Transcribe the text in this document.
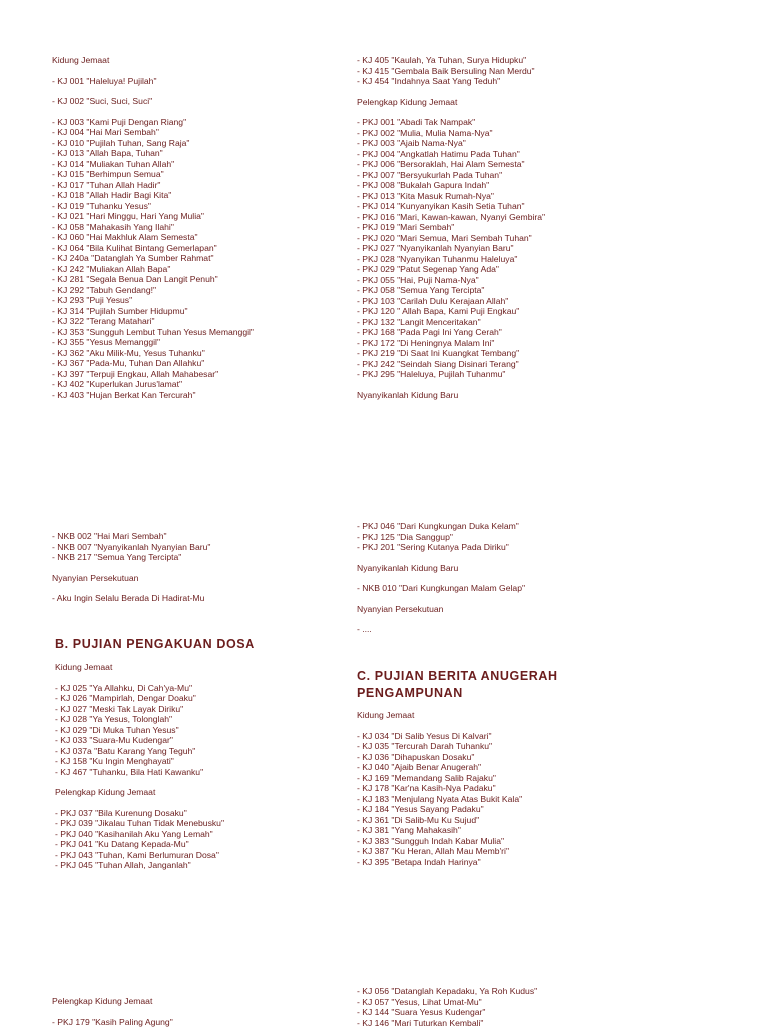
Kidung Jemaat

- KJ 001 "Haleluya! Pujilah"

- KJ 002 "Suci, Suci, Suci"

- KJ 003 "Kami Puji Dengan Riang"

- KJ 004 "Hai Mari Sembah"

- KJ 010 "Pujilah Tuhan, Sang Raja"

- KJ 013 "Allah Bapa, Tuhan"

- KJ 014 "Muliakan Tuhan Allah"

- KJ 015 "Berhimpun Semua"

- KJ 017 "Tuhan Allah Hadir"

- KJ 018 "Allah Hadir Bagi Kita"

- KJ 019 "Tuhanku Yesus"

- KJ 021 "Hari Minggu, Hari Yang Mulia"

- KJ 058 "Mahakasih Yang Ilahi"

- KJ 060 "Hai Makhluk Alam Semesta"

- KJ 064 "Bila Kulihat Bintang Gemerlapan"

- KJ 240a "Datanglah Ya Sumber Rahmat"

- KJ 242 "Muliakan Allah Bapa"

- KJ 281 "Segala Benua Dan Langit Penuh"

- KJ 292 "Tabuh Gendang!"

- KJ 293 "Puji Yesus"

- KJ 314 "Pujilah Sumber Hidupmu"

- KJ 322 "Terang Matahari"

- KJ 353 "Sungguh Lembut Tuhan Yesus Memanggil"

- KJ 355 "Yesus Memanggil"

- KJ 362 "Aku Milik-Mu, Yesus Tuhanku"

- KJ 367 "Pada-Mu, Tuhan Dan Allahku"

- KJ 397 "Terpuji Engkau, Allah Mahabesar"

- KJ 402 "Kuperlukan Jurus'lamat"

- KJ 403 "Hujan Berkat Kan Tercurah"

- KJ 405 "Kaulah, Ya Tuhan, Surya Hidupku"

- KJ 415 "Gembala Baik Bersuling Nan Merdu"

- KJ 454 "Indahnya Saat Yang Teduh"

Pelengkap Kidung Jemaat

- PKJ 001 "Abadi Tak Nampak"

- PKJ 002 "Mulia, Mulia Nama-Nya"

- PKJ 003 "Ajaib Nama-Nya"

- PKJ 004 "Angkatlah Hatimu Pada Tuhan"

- PKJ 006 "Bersoraklah, Hai Alam Semesta"

- PKJ 007 "Bersyukurlah Pada Tuhan"

- PKJ 008 "Bukalah Gapura Indah"

- PKJ 013 "Kita Masuk Rumah-Nya"

- PKJ 014 "Kunyanyikan Kasih Setia Tuhan"

- PKJ 016 "Mari, Kawan-kawan, Nyanyi Gembira"

- PKJ 019 "Mari Sembah"

- PKJ 020 "Mari Semua, Mari Sembah Tuhan"

- PKJ 027 "Nyanyikanlah Nyanyian Baru"

- PKJ 028 "Nyanyikan Tuhanmu Haleluya"

- PKJ 029 "Patut Segenap Yang Ada"

- PKJ 055 "Hai, Puji Nama-Nya"

- PKJ 058 "Semua Yang Tercipta"

- PKJ 103 "Carilah Dulu Kerajaan Allah"

- PKJ 120 " Allah Bapa, Kami Puji Engkau"

- PKJ 132 "Langit Menceritakan"

- PKJ 168 "Pada Pagi Ini Yang Cerah"

- PKJ 172 "Di Heningnya Malam Ini"

- PKJ 219 "Di Saat Ini Kuangkat Tembang"

- PKJ 242 "Seindah Siang Disinari Terang"

- PKJ 295 "Haleluya, Pujilah Tuhanmu"

Nyanyikanlah Kidung Baru

- NKB 002 "Hai Mari Sembah"

- NKB 007 "Nyanyikanlah Nyanyian Baru"

- NKB 217 "Semua Yang Tercipta"

Nyanyian Persekutuan

- Aku Ingin Selalu Berada Di Hadirat-Mu

B. PUJIAN PENGAKUAN DOSA

Kidung Jemaat

- KJ 025 "Ya Allahku, Di Cah'ya-Mu"

- KJ 026 "Mampirlah, Dengar Doaku"

- KJ 027 "Meski Tak Layak Diriku"

- KJ 028 "Ya Yesus, Tolonglah"

- KJ 029 "Di Muka Tuhan Yesus"

- KJ 033 "Suara-Mu Kudengar"

- KJ 037a "Batu Karang Yang Teguh"

- KJ 158 "Ku Ingin Menghayati"

- KJ 467 "Tuhanku, Bila Hati Kawanku"

Pelengkap Kidung Jemaat

- PKJ 037 "Bila Kurenung Dosaku"

- PKJ 039 "Jikalau Tuhan Tidak Menebusku"

- PKJ 040 "Kasihanilah Aku Yang Lemah"

- PKJ 041 "Ku Datang Kepada-Mu"

- PKJ 043 "Tuhan, Kami Berlumuran Dosa"

- PKJ 045 "Tuhan Allah, Janganlah"

- PKJ 046 "Dari Kungkungan Duka Kelam"

- PKJ 125 "Dia Sanggup"

- PKJ 201 "Sering Kutanya Pada Diriku"

Nyanyikanlah Kidung Baru

- NKB 010 "Dari Kungkungan Malam Gelap"

Nyanyian Persekutuan

- ....

C. PUJIAN BERITA ANUGERAH

PENGAMPUNAN

Kidung Jemaat

- KJ 034 "Di Salib Yesus Di Kalvari"

- KJ 035 "Tercurah Darah Tuhanku"

- KJ 036 "Dihapuskan Dosaku"

- KJ 040 "Ajaib Benar Anugerah"

- KJ 169 "Memandang Salib Rajaku"

- KJ 178 "Kar'na Kasih-Nya Padaku"

- KJ 183 "Menjulang Nyata Atas Bukit Kala"

- KJ 184 "Yesus Sayang Padaku"

- KJ 361 "Di Salib-Mu Ku Sujud"

- KJ 381 "Yang Mahakasih"

- KJ 383 "Sungguh Indah Kabar Mulia"

- KJ 387 "Ku Heran, Allah Mau Memb'ri"

- KJ 395 "Betapa Indah Harinya"

Pelengkap Kidung Jemaat

- PKJ 179 "Kasih Paling Agung"

- KJ 056 "Datanglah Kepadaku, Ya Roh Kudus"

- KJ 057 "Yesus, Lihat Umat-Mu"

- KJ 144 "Suara Yesus Kudengar"

- KJ 146 "Mari Tuturkan Kembali"
